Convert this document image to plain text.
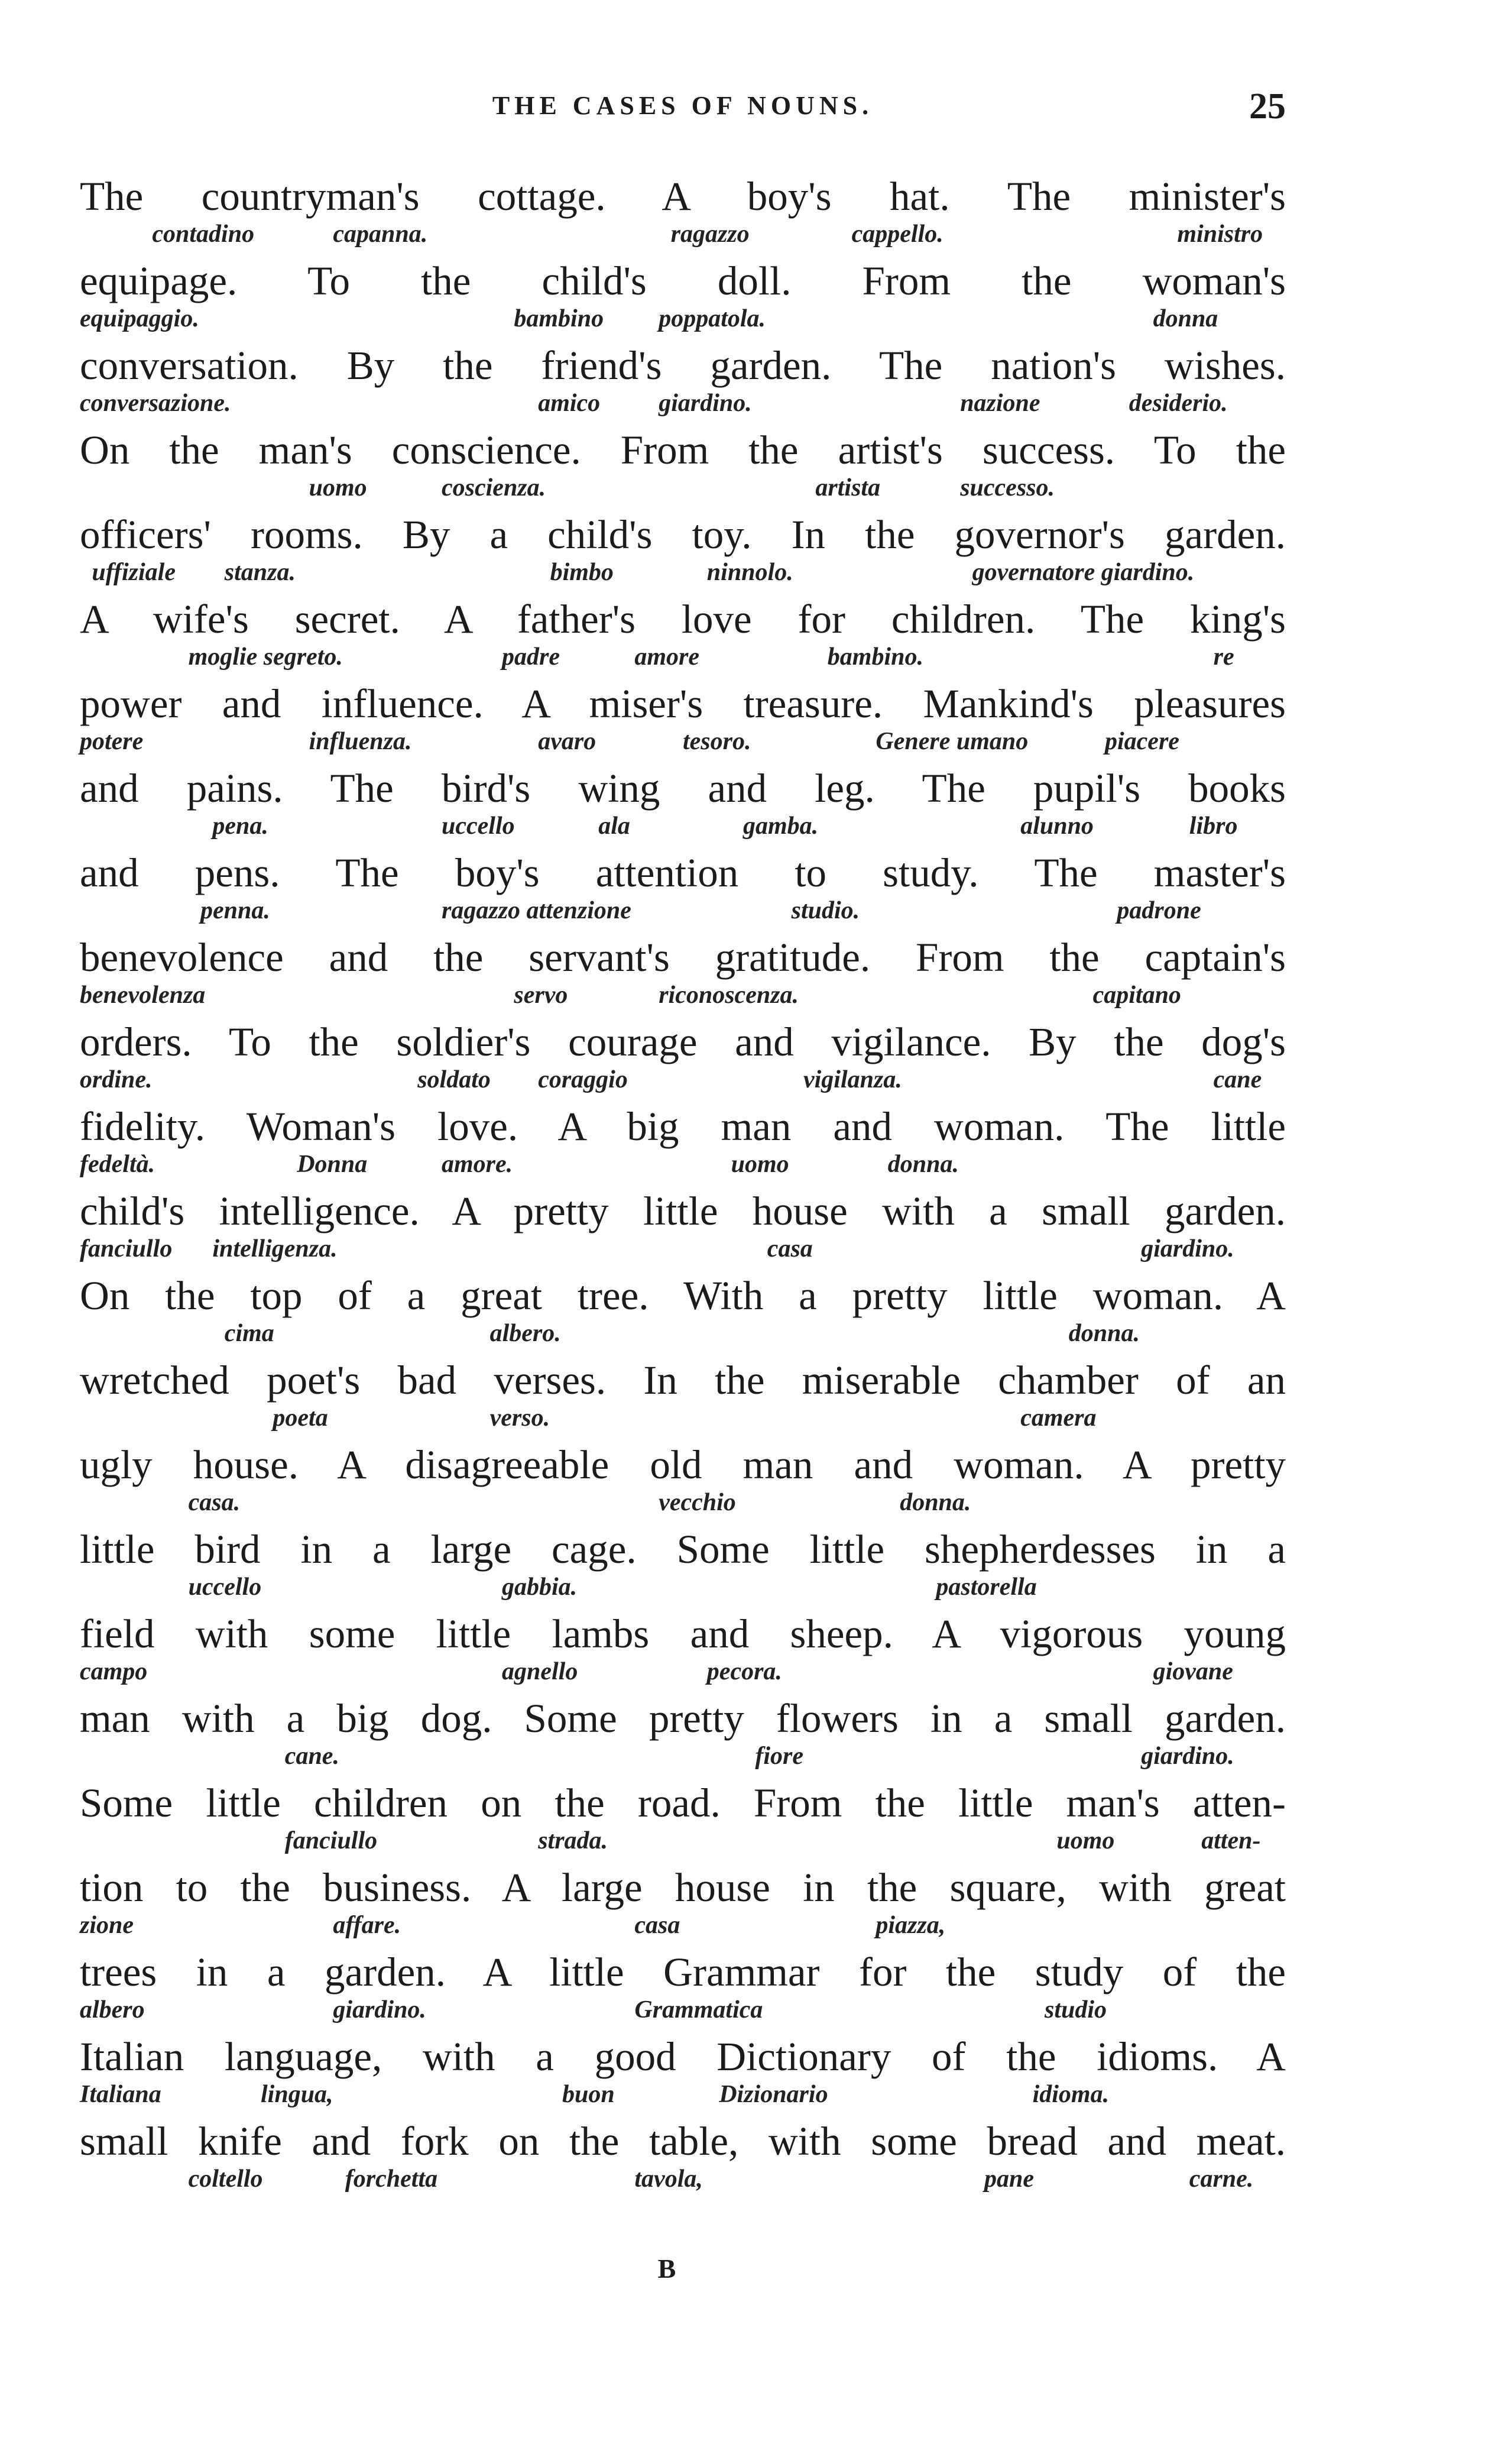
THE CASES OF NOUNS.	25
The countryman's cottage. A boy's hat. The minister's
contadino	capanna.	ragazzo	cappello.	ministro
equipage. To the child's doll. From the woman's
equipaggio.	bambino poppatola.	donna
conversation. By the friend's garden. The nation's wishes.
conversazione.	amico giardino.	nazione	desiderio.
On the man's conscience. From the artist's success. To the
uomo	coscienza.	artista	successo.
officers' rooms. By a child's toy. In the governor's garden.
uffiziale stanza.	bimbo	ninnolo.	governatore giardino.
A wife's secret. A father's love for children. The king's
moglie segreto.	padre	amore	bambino.	re
power and influence. A miser's treasure. Mankind's pleasures
potere	influenza.	avaro	tesoro.	Genere umano	piacere
and pains. The bird's wing and leg. The pupil's books
pena.	uccello	ala	gamba.	alunno	libro
and pens. The boy's attention to study. The master's
penna.	ragazzo attenzione	studio.	padrone
benevolence and the servant's gratitude. From the captain's
benevolenza	servo	riconoscenza.	capitano
orders. To the soldier's courage and vigilance. By the dog's
ordine.	soldato coraggio	vigilanza.	cane
fidelity. Woman's love. A big man and woman. The little
fedeltà.	Donna	amore.	uomo	donna.
child's intelligence. A pretty little house with a small garden.
fanciullo intelligenza.	casa	giardino.
On the top of a great tree. With a pretty little woman. A
cima	albero.	donna.
wretched poet's bad verses. In the miserable chamber of an
poeta	verso.	camera
ugly house. A disagreeable old man and woman. A pretty
casa.	vecchio	donna.
little bird in a large cage. Some little shepherdesses in a
uccello	gabbia.	pastorella
field with some little lambs and sheep. A vigorous young
campo	agnello	pecora.	giovane
man with a big dog. Some pretty flowers in a small garden.
cane.	fiore	giardino.
Some little children on the road. From the little man's atten-
fanciullo	strada.	uomo	atten-
tion to the business. A large house in the square, with great
zione	affare.	casa	piazza,
trees in a garden. A little Grammar for the study of the
albero	giardino.	Grammatica	studio
Italian language, with a good Dictionary of the idioms. A
Italiana	lingua,	buon	Dizionario	idioma.
small knife and fork on the table, with some bread and meat.
coltello	forchetta	tavola,	pane	carne.
B
